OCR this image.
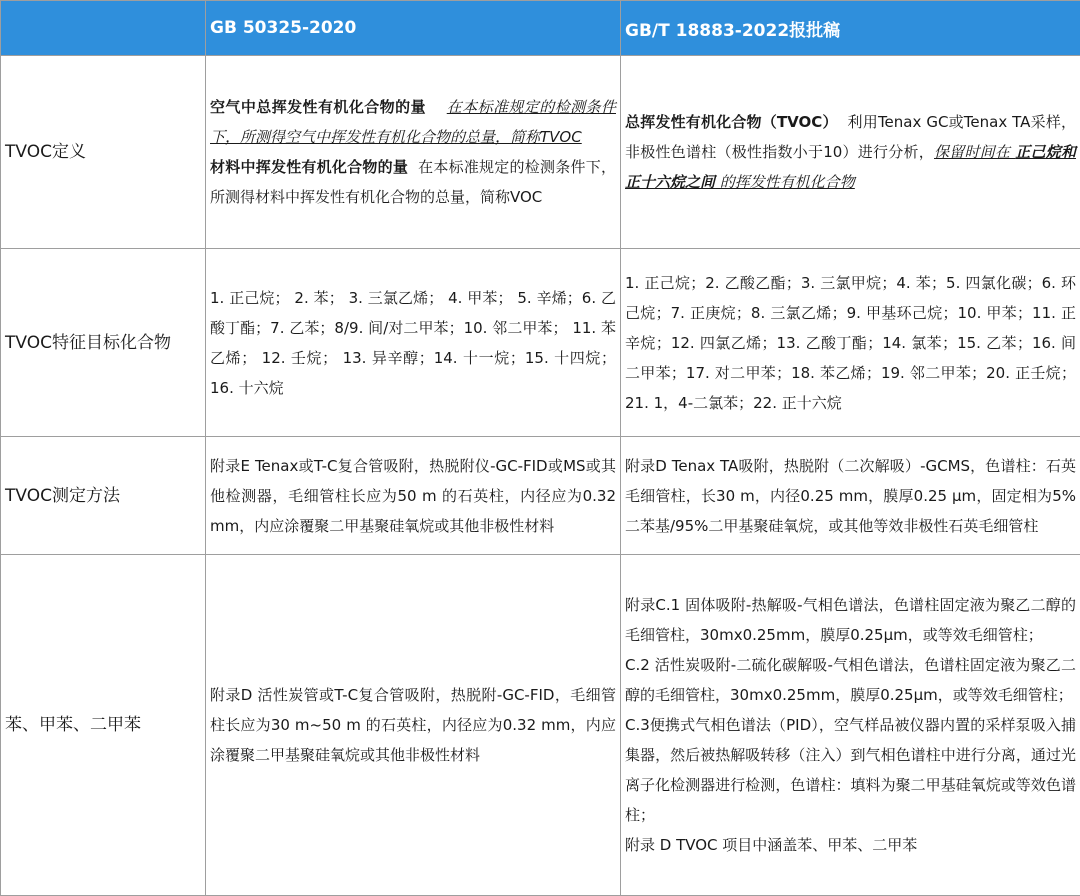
	GB 50325-2020	GB/T 18883-2022报批稿
TVOC定义	空气中总挥发性有机化合物的量 在本标准规定的检测条件下，所测得空气中挥发性有机化合物的总量，简称TVOC
材料中挥发性有机化合物的量 在本标准规定的检测条件下，所测得材料中挥发性有机化合物的总量，简称VOC	总挥发性有机化合物（TVOC）  利用Tenax GC或Tenax TA采样，非极性色谱柱（极性指数小于10）进行分析，保留时间在 正己烷和正十六烷之间 的挥发性有机化合物
TVOC特征目标化合物	1. 正己烷； 2. 苯； 3. 三氯乙烯； 4. 甲苯； 5. 辛烯；6. 乙酸丁酯；7. 乙苯；8/9. 间/对二甲苯；10. 邻二甲苯； 11. 苯乙烯； 12. 壬烷； 13. 异辛醇；14. 十一烷；15. 十四烷； 16. 十六烷	1. 正己烷；2. 乙酸乙酯；3. 三氯甲烷；4. 苯；5. 四氯化碳；6. 环己烷；7. 正庚烷；8. 三氯乙烯；9. 甲基环己烷；10. 甲苯；11. 正辛烷；12. 四氯乙烯；13. 乙酸丁酯；14. 氯苯；15. 乙苯；16. 间二甲苯；17. 对二甲苯；18. 苯乙烯；19. 邻二甲苯；20. 正壬烷；21. 1，4-二氯苯；22. 正十六烷
TVOC测定方法	附录E Tenax或T-C复合管吸附，热脱附仪-GC-FID或MS或其他检测器，毛细管柱长应为50 m 的石英柱，内径应为0.32 mm，内应涂覆聚二甲基聚硅氧烷或其他非极性材料	附录D Tenax TA吸附，热脱附（二次解吸）-GCMS，色谱柱：石英毛细管柱，长30 m，内径0.25 mm，膜厚0.25 µm，固定相为5%二苯基/95%二甲基聚硅氧烷，或其他等效非极性石英毛细管柱
苯、甲苯、二甲苯	附录D 活性炭管或T-C复合管吸附，热脱附-GC-FID，毛细管柱长应为30 m~50 m 的石英柱，内径应为0.32 mm，内应涂覆聚二甲基聚硅氧烷或其他非极性材料	附录C.1 固体吸附-热解吸-气相色谱法，色谱柱固定液为聚乙二醇的毛细管柱，30mx0.25mm，膜厚0.25µm，或等效毛细管柱；
C.2 活性炭吸附-二硫化碳解吸-气相色谱法，色谱柱固定液为聚乙二醇的毛细管柱，30mx0.25mm，膜厚0.25µm，或等效毛细管柱；
C.3便携式气相色谱法（PID），空气样品被仪器内置的采样泵吸入捕集器，然后被热解吸转移（注入）到气相色谱柱中进行分离，通过光离子化检测器进行检测，色谱柱：填料为聚二甲基硅氧烷或等效色谱柱；
附录 D TVOC 项目中涵盖苯、甲苯、二甲苯
